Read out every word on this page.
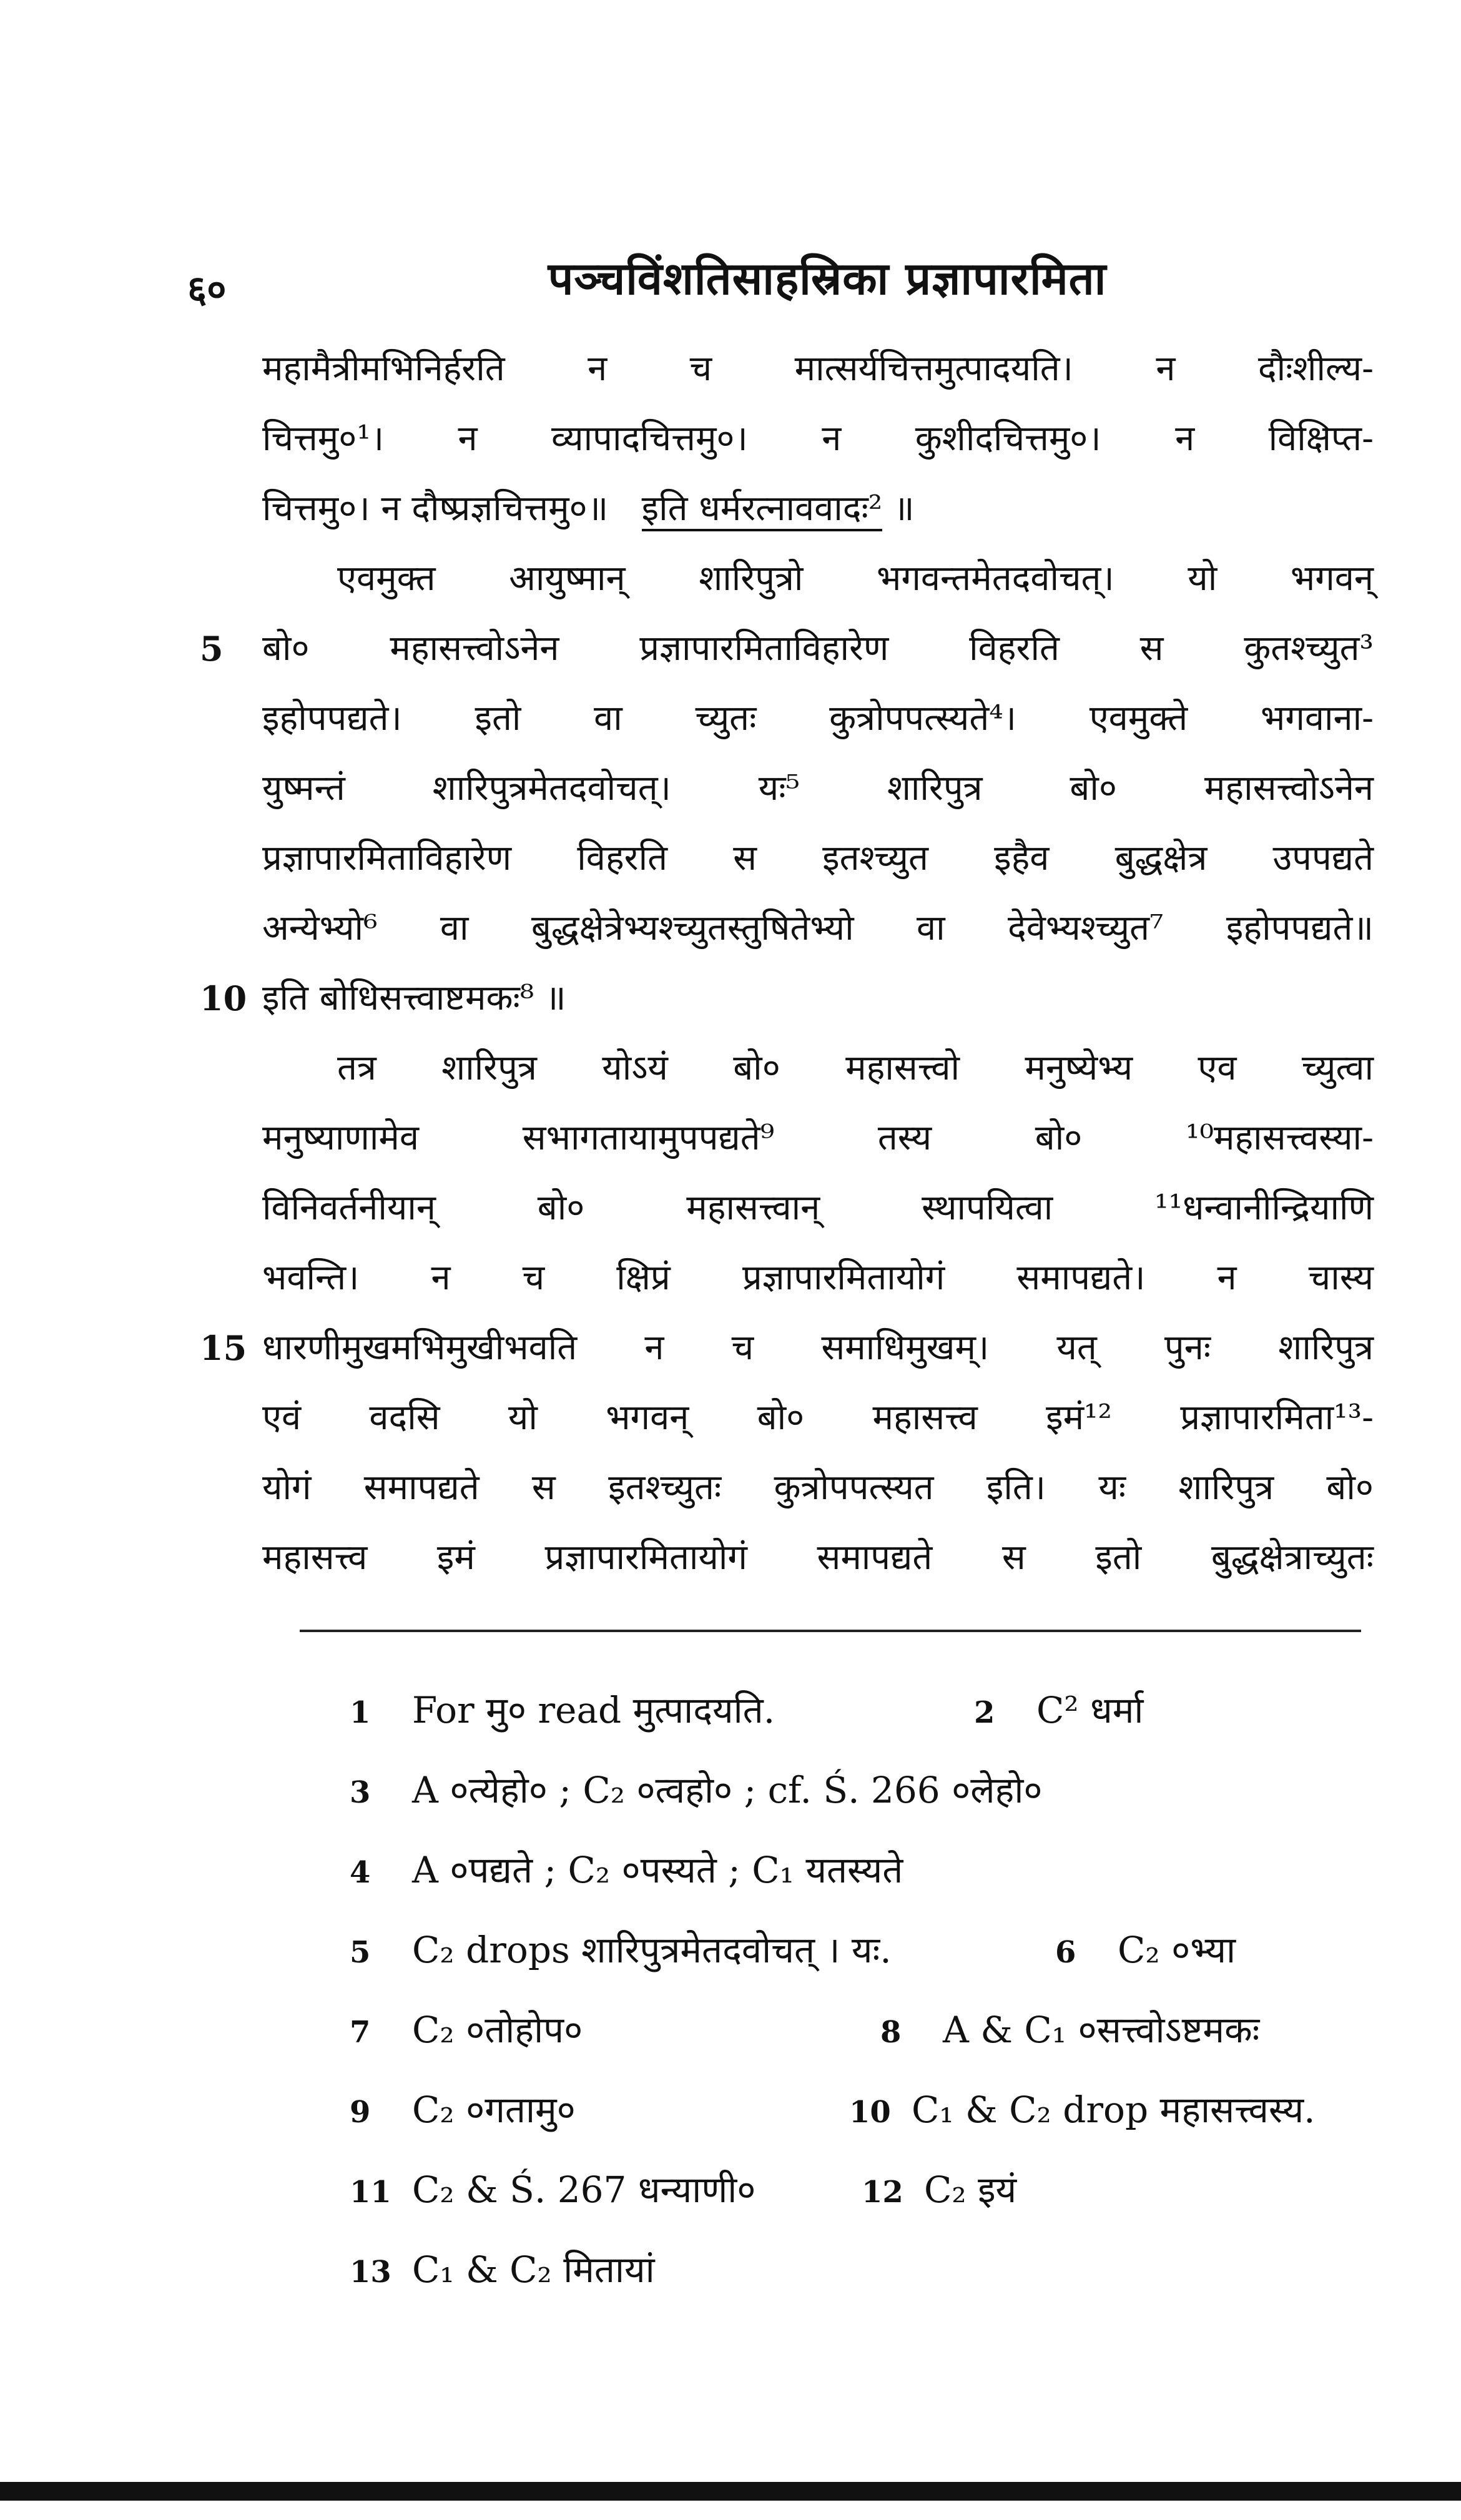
६०	पञ्चविंशतिसाहस्रिका प्रज्ञापारमिता
महामैत्रीमभिनिर्हरति न च मात्सर्यचित्तमुत्पादयति। न दौःशील्य-
चित्तमु०¹। न व्यापादचित्तमु०। न कुशीदचित्तमु०। न विक्षिप्त-
चित्तमु०। न दौष्प्रज्ञचित्तमु०॥ इति धर्मरत्नाववादः² ॥
एवमुक्त आयुष्मान् शारिपुत्रो भगवन्तमेतदवोचत्। यो भगवन्
5 बो० महासत्त्वोऽनेन प्रज्ञापारमिताविहारेण विहरति स कुतश्च्युत³
इहोपपद्यते। इतो वा च्युतः कुत्रोपपत्स्यते⁴। एवमुक्ते भगवाना-
युष्मन्तं शारिपुत्रमेतदवोचत्। यः⁵ शारिपुत्र बो० महासत्त्वोऽनेन
प्रज्ञापारमिताविहारेण विहरति स इतश्च्युत इहैव बुद्धक्षेत्र उपपद्यते
अन्येभ्यो⁶ वा बुद्धक्षेत्रेभ्यश्च्युतस्तुषितेभ्यो वा देवेभ्यश्च्युत⁷ इहोपपद्यते॥
10 इति बोधिसत्त्वाष्टमकः⁸ ॥
तत्र शारिपुत्र योऽयं बो० महासत्त्वो मनुष्येभ्य एव च्युत्वा
मनुष्याणामेव सभागतायामुपपद्यते⁹ तस्य बो० ¹⁰महासत्त्वस्या-
विनिवर्तनीयान् बो० महासत्त्वान् स्थापयित्वा ¹¹धन्वानीन्द्रियाणि
भवन्ति। न च क्षिप्रं प्रज्ञापारमितायोगं समापद्यते। न चास्य
15 धारणीमुखमभिमुखीभवति न च समाधिमुखम्। यत् पुनः शारिपुत्र
एवं वदसि यो भगवन् बो० महासत्त्व इमं¹² प्रज्ञापारमिता¹³-
योगं समापद्यते स इतश्च्युतः कुत्रोपपत्स्यत इति। यः शारिपुत्र बो०
महासत्त्व इमं प्रज्ञापारमितायोगं समापद्यते स इतो बुद्धक्षेत्राच्युतः
1 For मु० read मुत्पादयति.	2 C² धर्मा
3 A ०त्येहो० ; C₂ ०त्वहो० ; cf. Ś. 266 ०लेहो०
4 A ०पद्यते ; C₂ ०पस्यते ; C₁ यतस्यते
5 C₂ drops शारिपुत्रमेतदवोचत् । यः.	6 C₂ ०भ्या
7 C₂ ०तोहोप०	8 A & C₁ ०सत्त्वोऽष्टमकः
9 C₂ ०गतामु०	10 C₁ & C₂ drop महासत्त्वस्य.
11 C₂ & Ś. 267 धन्याणी०	12 C₂ इयं
13 C₁ & C₂ मितायां
